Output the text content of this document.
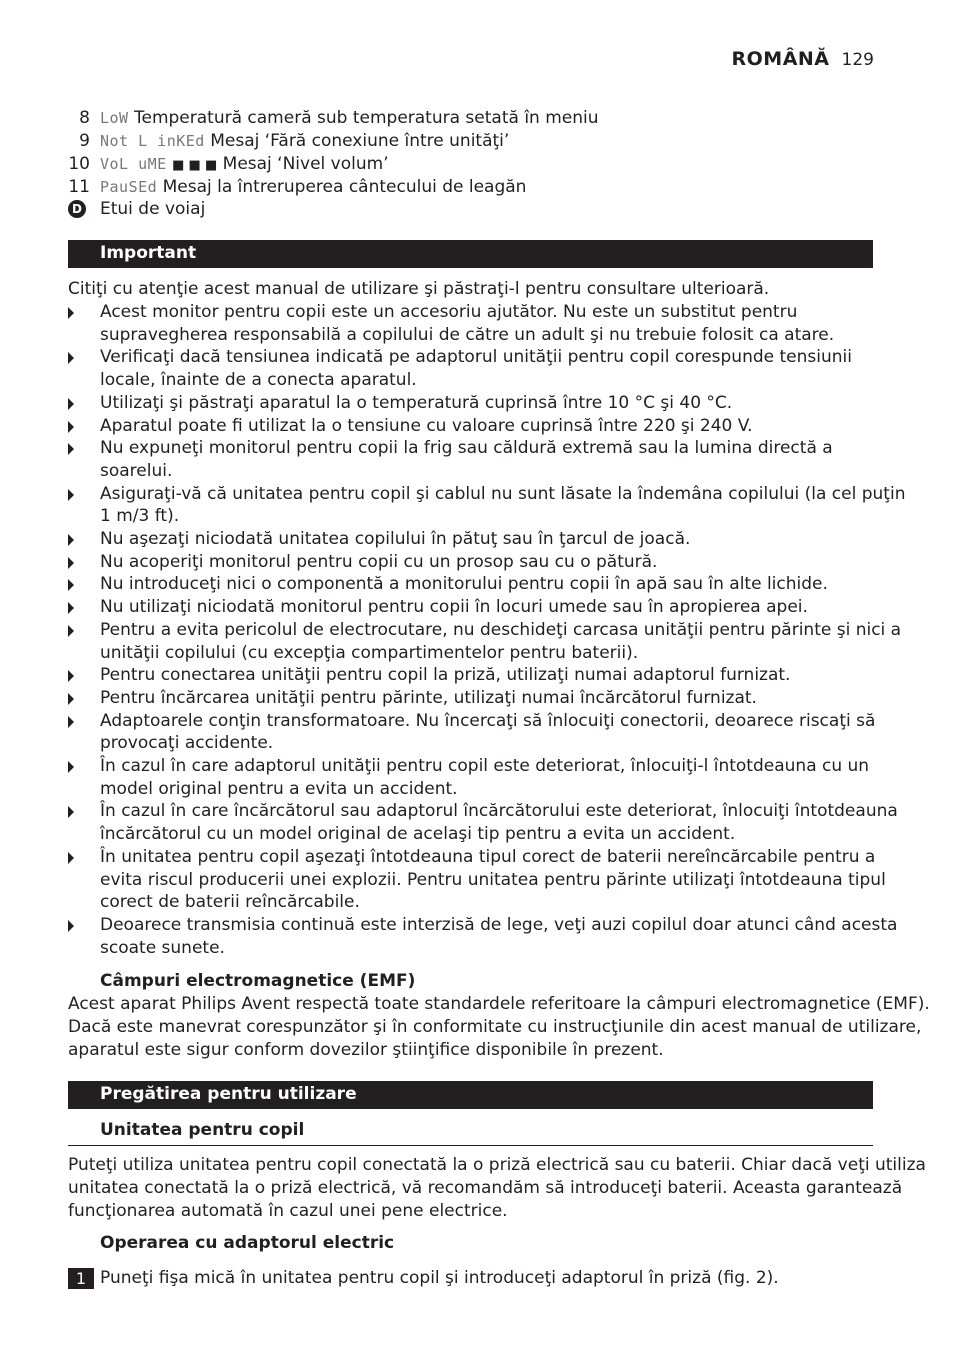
ROMÂNĂ 129
8 LoW Temperatură cameră sub temperatura setată în meniu
9 Not L inKEd Mesaj ‘Fără conexiune între unităţi’
10 VoL uME ■ ■ ■ Mesaj ‘Nivel volum’
11 PauSEd Mesaj la întreruperea cântecului de leagăn
D Etui de voiaj
Important
Citiţi cu atenţie acest manual de utilizare şi păstraţi-l pentru consultare ulterioară.
Acest monitor pentru copii este un accesoriu ajutător. Nu este un substitut pentru
supravegherea responsabilă a copilului de către un adult şi nu trebuie folosit ca atare.
Verificaţi dacă tensiunea indicată pe adaptorul unităţii pentru copil corespunde tensiunii
locale, înainte de a conecta aparatul.
Utilizaţi şi păstraţi aparatul la o temperatură cuprinsă între 10 °C şi 40 °C.
Aparatul poate fi utilizat la o tensiune cu valoare cuprinsă între 220 şi 240 V.
Nu expuneţi monitorul pentru copii la frig sau căldură extremă sau la lumina directă a
soarelui.
Asiguraţi-vă că unitatea pentru copil şi cablul nu sunt lăsate la îndemâna copilului (la cel puţin
1 m/3 ft).
Nu aşezaţi niciodată unitatea copilului în pătuţ sau în ţarcul de joacă.
Nu acoperiţi monitorul pentru copii cu un prosop sau cu o pătură.
Nu introduceţi nici o componentă a monitorului pentru copii în apă sau în alte lichide.
Nu utilizaţi niciodată monitorul pentru copii în locuri umede sau în apropierea apei.
Pentru a evita pericolul de electrocutare, nu deschideţi carcasa unităţii pentru părinte şi nici a
unităţii copilului (cu excepţia compartimentelor pentru baterii).
Pentru conectarea unităţii pentru copil la priză, utilizaţi numai adaptorul furnizat.
Pentru încărcarea unităţii pentru părinte, utilizaţi numai încărcătorul furnizat.
Adaptoarele conţin transformatoare. Nu încercaţi să înlocuiţi conectorii, deoarece riscaţi să
provocaţi accidente.
În cazul în care adaptorul unităţii pentru copil este deteriorat, înlocuiţi-l întotdeauna cu un
model original pentru a evita un accident.
În cazul în care încărcătorul sau adaptorul încărcătorului este deteriorat, înlocuiţi întotdeauna
încărcătorul cu un model original de acelaşi tip pentru a evita un accident.
În unitatea pentru copil aşezaţi întotdeauna tipul corect de baterii nereîncărcabile pentru a
evita riscul producerii unei explozii. Pentru unitatea pentru părinte utilizaţi întotdeauna tipul
corect de baterii reîncărcabile.
Deoarece transmisia continuă este interzisă de lege, veţi auzi copilul doar atunci când acesta
scoate sunete.
Câmpuri electromagnetice (EMF)
Acest aparat Philips Avent respectă toate standardele referitoare la câmpuri electromagnetice (EMF).
Dacă este manevrat corespunzător şi în conformitate cu instrucţiunile din acest manual de utilizare,
aparatul este sigur conform dovezilor ştiinţifice disponibile în prezent.
Pregătirea pentru utilizare
Unitatea pentru copil
Puteţi utiliza unitatea pentru copil conectată la o priză electrică sau cu baterii. Chiar dacă veţi utiliza
unitatea conectată la o priză electrică, vă recomandăm să introduceţi baterii. Aceasta garantează
funcţionarea automată în cazul unei pene electrice.
Operarea cu adaptorul electric
1 Puneţi fişa mică în unitatea pentru copil şi introduceţi adaptorul în priză (fig. 2).
